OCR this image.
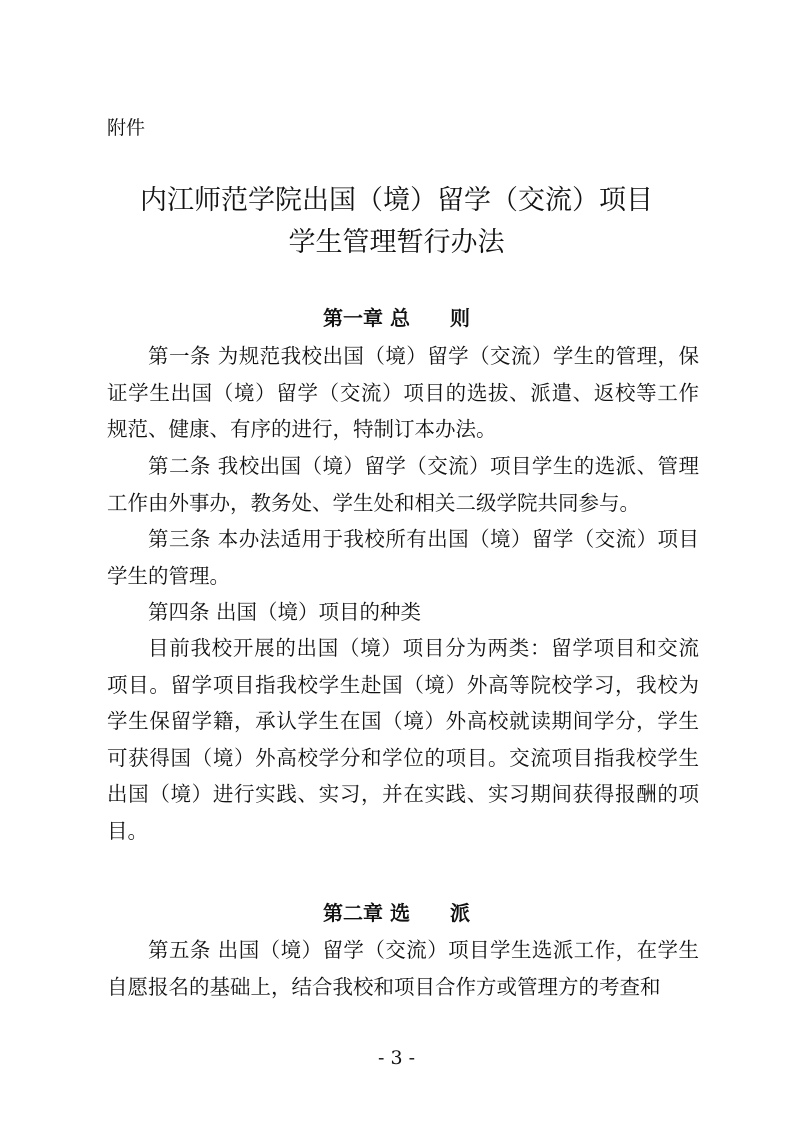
附件

内江师范学院出国（境）留学（交流）项目
学生管理暂行办法
第一章 总　　则

第一条 为规范我校出国（境）留学（交流）学生的管理，保证学生出国（境）留学（交流）项目的选拔、派遣、返校等工作规范、健康、有序的进行，特制订本办法。

第二条 我校出国（境）留学（交流）项目学生的选派、管理工作由外事办，教务处、学生处和相关二级学院共同参与。

第三条 本办法适用于我校所有出国（境）留学（交流）项目学生的管理。

第四条 出国（境）项目的种类

目前我校开展的出国（境）项目分为两类：留学项目和交流项目。留学项目指我校学生赴国（境）外高等院校学习，我校为学生保留学籍，承认学生在国（境）外高校就读期间学分，学生可获得国（境）外高校学分和学位的项目。交流项目指我校学生出国（境）进行实践、实习，并在实践、实习期间获得报酬的项目。

第二章 选　　派

第五条 出国（境）留学（交流）项目学生选派工作，在学生自愿报名的基础上，结合我校和项目合作方或管理方的考查和

- 3 -
